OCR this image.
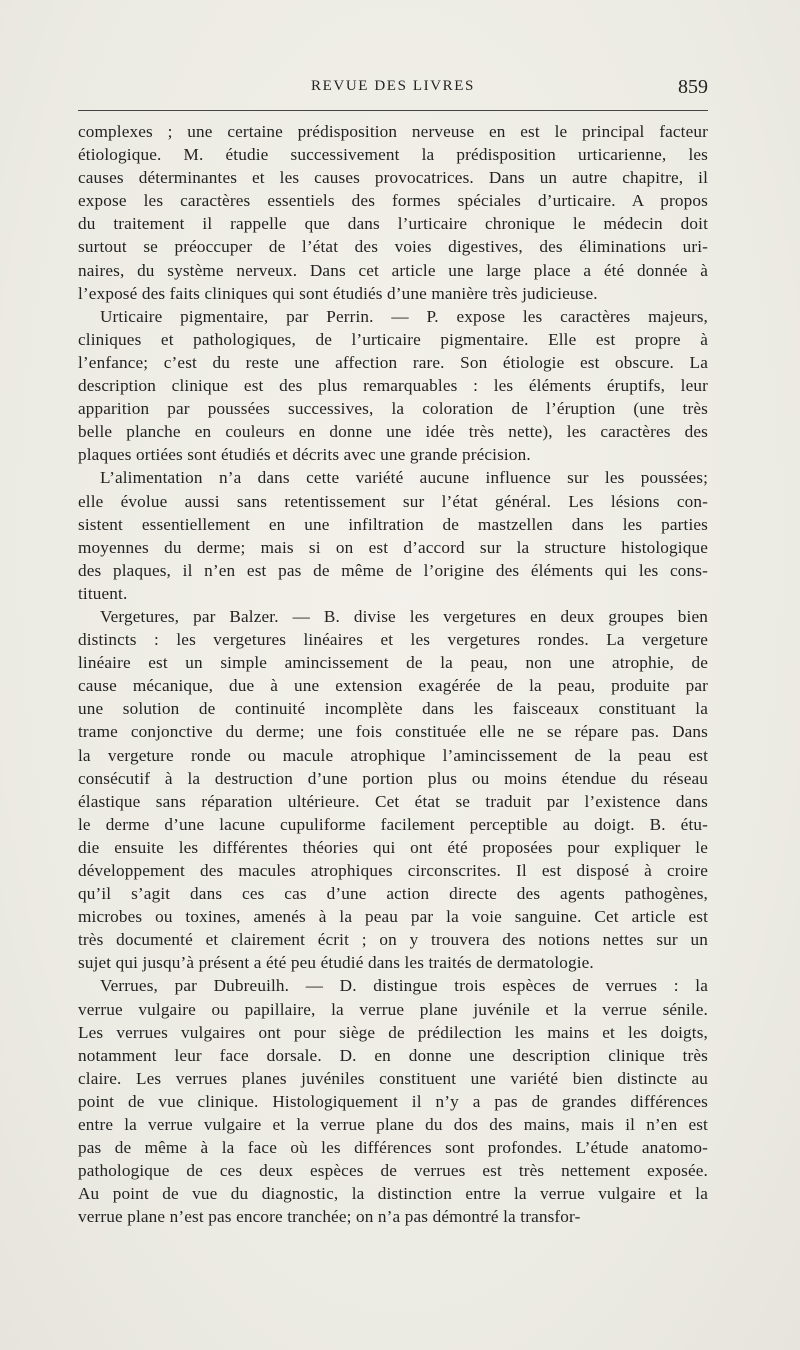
REVUE DES LIVRES	859
complexes ; une certaine prédisposition nerveuse en est le principal facteur
étiologique. M. étudie successivement la prédisposition urticarienne, les
causes déterminantes et les causes provocatrices. Dans un autre chapitre, il
expose les caractères essentiels des formes spéciales d’urticaire. A propos
du traitement il rappelle que dans l’urticaire chronique le médecin doit
surtout se préoccuper de l’état des voies digestives, des éliminations uri-
naires, du système nerveux. Dans cet article une large place a été donnée à
l’exposé des faits cliniques qui sont étudiés d’une manière très judicieuse.
Urticaire pigmentaire, par Perrin. — P. expose les caractères majeurs,
cliniques et pathologiques, de l’urticaire pigmentaire. Elle est propre à
l’enfance; c’est du reste une affection rare. Son étiologie est obscure. La
description clinique est des plus remarquables : les éléments éruptifs, leur
apparition par poussées successives, la coloration de l’éruption (une très
belle planche en couleurs en donne une idée très nette), les caractères des
plaques ortiées sont étudiés et décrits avec une grande précision.
L’alimentation n’a dans cette variété aucune influence sur les poussées;
elle évolue aussi sans retentissement sur l’état général. Les lésions con-
sistent essentiellement en une infiltration de mastzellen dans les parties
moyennes du derme; mais si on est d’accord sur la structure histologique
des plaques, il n’en est pas de même de l’origine des éléments qui les cons-
tituent.
Vergetures, par Balzer. — B. divise les vergetures en deux groupes bien
distincts : les vergetures linéaires et les vergetures rondes. La vergeture
linéaire est un simple amincissement de la peau, non une atrophie, de
cause mécanique, due à une extension exagérée de la peau, produite par
une solution de continuité incomplète dans les faisceaux constituant la
trame conjonctive du derme; une fois constituée elle ne se répare pas. Dans
la vergeture ronde ou macule atrophique l’amincissement de la peau est
consécutif à la destruction d’une portion plus ou moins étendue du réseau
élastique sans réparation ultérieure. Cet état se traduit par l’existence dans
le derme d’une lacune cupuliforme facilement perceptible au doigt. B. étu-
die ensuite les différentes théories qui ont été proposées pour expliquer le
développement des macules atrophiques circonscrites. Il est disposé à croire
qu’il s’agit dans ces cas d’une action directe des agents pathogènes,
microbes ou toxines, amenés à la peau par la voie sanguine. Cet article est
très documenté et clairement écrit ; on y trouvera des notions nettes sur un
sujet qui jusqu’à présent a été peu étudié dans les traités de dermatologie.
Verrues, par Dubreuilh. — D. distingue trois espèces de verrues : la
verrue vulgaire ou papillaire, la verrue plane juvénile et la verrue sénile.
Les verrues vulgaires ont pour siège de prédilection les mains et les doigts,
notamment leur face dorsale. D. en donne une description clinique très
claire. Les verrues planes juvéniles constituent une variété bien distincte au
point de vue clinique. Histologiquement il n’y a pas de grandes différences
entre la verrue vulgaire et la verrue plane du dos des mains, mais il n’en est
pas de même à la face où les différences sont profondes. L’étude anatomo-
pathologique de ces deux espèces de verrues est très nettement exposée.
Au point de vue du diagnostic, la distinction entre la verrue vulgaire et la
verrue plane n’est pas encore tranchée; on n’a pas démontré la transfor-
